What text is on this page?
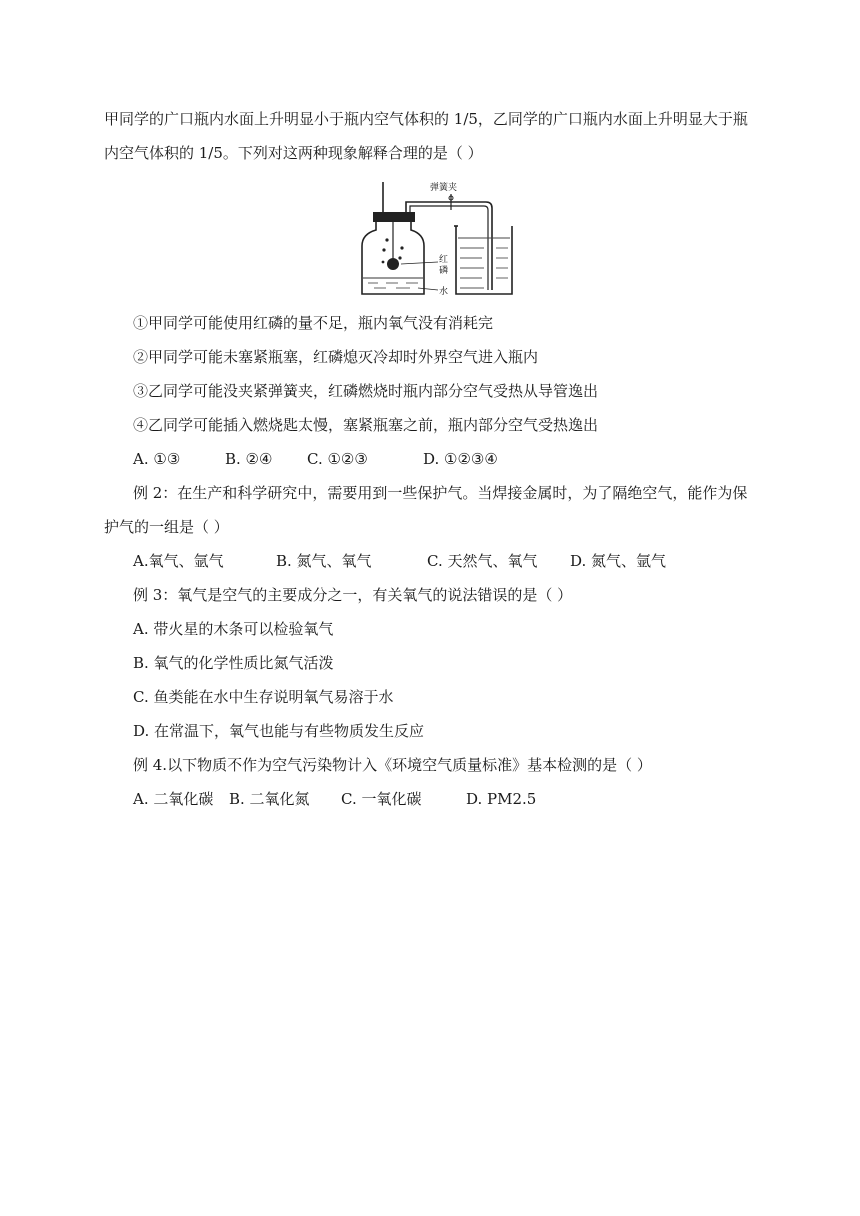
甲同学的广口瓶内水面上升明显小于瓶内空气体积的 1/5，乙同学的广口瓶内水面上升明显大于瓶
内空气体积的 1/5。下列对这两种现象解释合理的是（ ）
弹簧夹
红
磷
水
①甲同学可能使用红磷的量不足，瓶内氧气没有消耗完
②甲同学可能未塞紧瓶塞，红磷熄灭冷却时外界空气进入瓶内
③乙同学可能没夹紧弹簧夹，红磷燃烧时瓶内部分空气受热从导管逸出
④乙同学可能插入燃烧匙太慢，塞紧瓶塞之前，瓶内部分空气受热逸出
A. ①③	B. ②④	C. ①②③	D. ①②③④
例 2：在生产和科学研究中，需要用到一些保护气。当焊接金属时，为了隔绝空气，能作为保
护气的一组是（ ）
A.氧气、氩气	B. 氮气、氧气	C. 天然气、氧气	D. 氮气、氩气
例 3：氧气是空气的主要成分之一，有关氧气的说法错误的是（ ）
A. 带火星的木条可以检验氧气
B. 氧气的化学性质比氮气活泼
C. 鱼类能在水中生存说明氧气易溶于水
D. 在常温下，氧气也能与有些物质发生反应
例 4.以下物质不作为空气污染物计入《环境空气质量标准》基本检测的是（ ）
A. 二氧化碳	B. 二氧化氮	C. 一氧化碳	D. PM2.5
